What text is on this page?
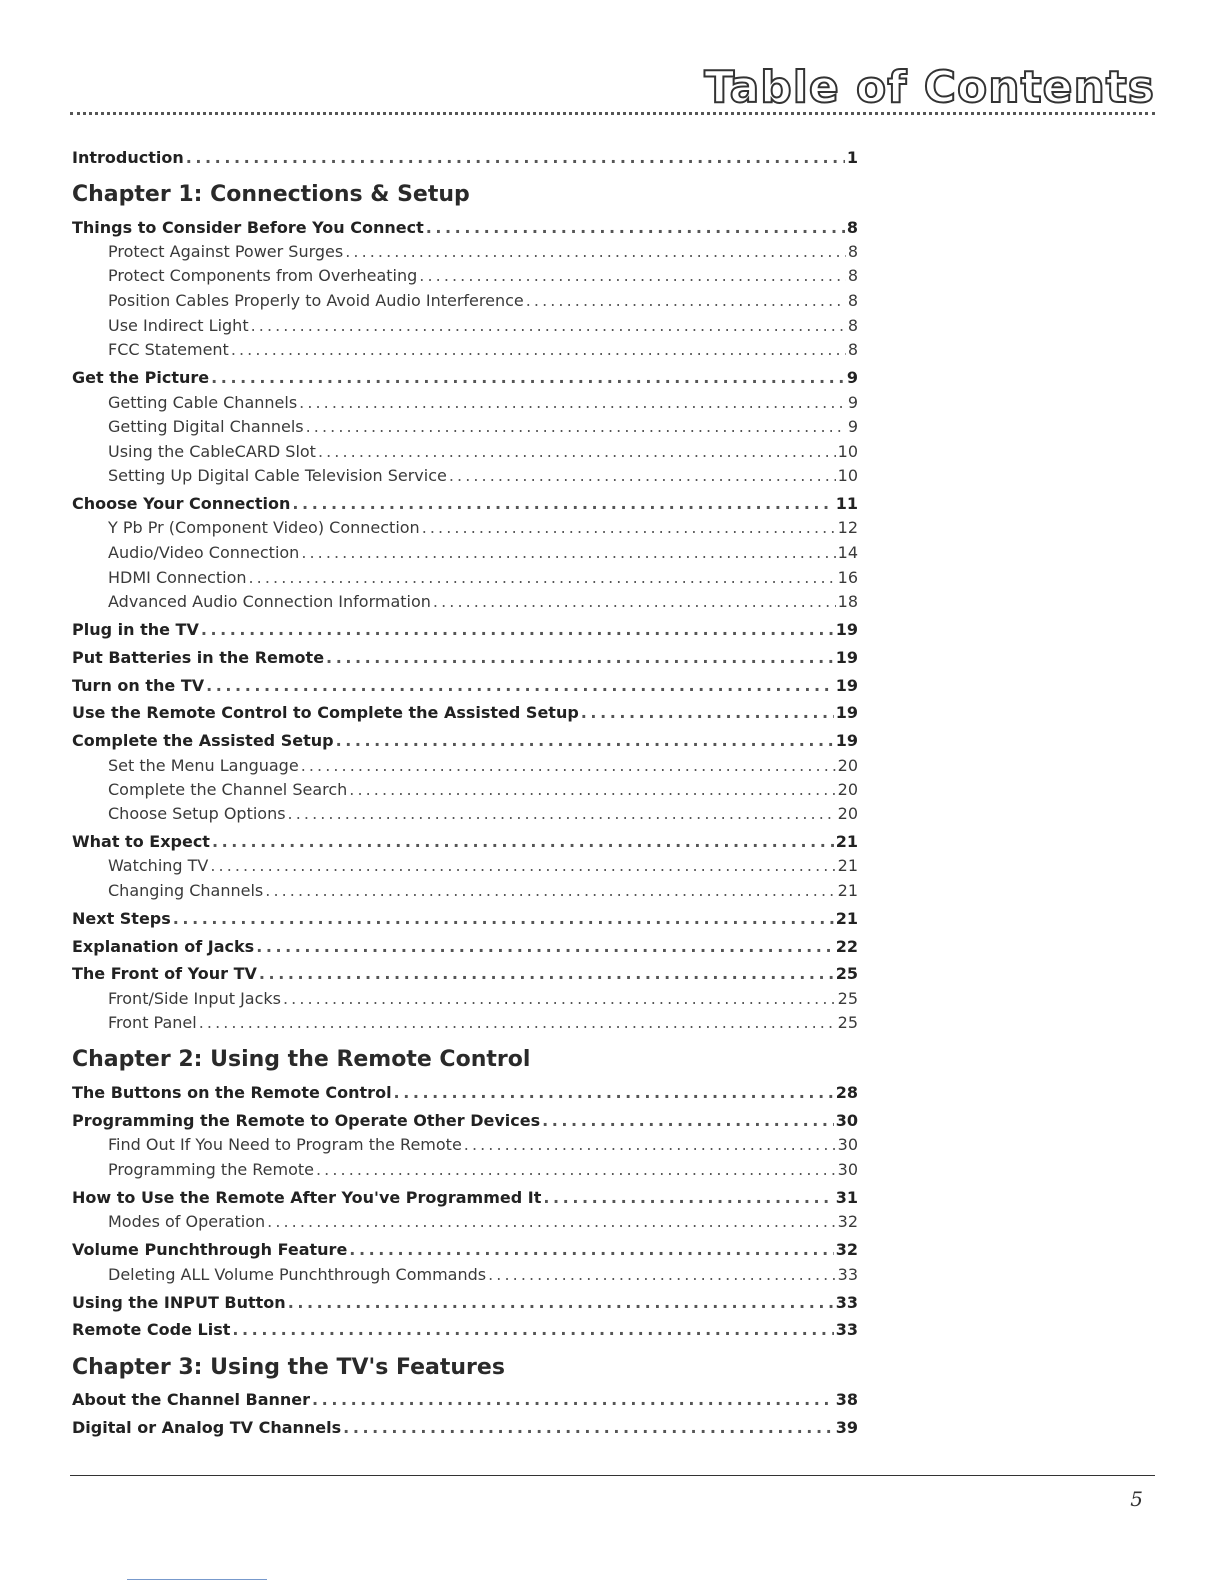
Table of Contents
Introduction . . .	1
Chapter 1: Connections & Setup
Things to Consider Before You Connect . . .	8
Protect Against Power Surges . . .	8
Protect Components from Overheating . . .	8
Position Cables Properly to Avoid Audio Interference . . .	8
Use Indirect Light . . .	8
FCC Statement . . .	8
Get the Picture . . .	9
Getting Cable Channels . . .	9
Getting Digital Channels . . .	9
Using the CableCARD Slot . . .	10
Setting Up Digital Cable Television Service . . .	10
Choose Your Connection . . .	11
Y Pb Pr (Component Video) Connection . . .	12
Audio/Video Connection . . .	14
HDMI Connection . . .	16
Advanced Audio Connection Information . . .	18
Plug in the TV . . .	19
Put Batteries in the Remote . . .	19
Turn on the TV . . .	19
Use the Remote Control to Complete the Assisted Setup . . .	19
Complete the Assisted Setup . . .	19
Set the Menu Language . . .	20
Complete the Channel Search . . .	20
Choose Setup Options . . .	20
What to Expect . . .	21
Watching TV . . .	21
Changing Channels . . .	21
Next Steps . . .	21
Explanation of Jacks . . .	22
The Front of Your TV . . .	25
Front/Side Input Jacks . . .	25
Front Panel . . .	25
Chapter 2: Using the Remote Control
The Buttons on the Remote Control . . .	28
Programming the Remote to Operate Other Devices . . .	30
Find Out If You Need to Program the Remote . . .	30
Programming the Remote . . .	30
How to Use the Remote After You've Programmed It . . .	31
Modes of Operation . . .	32
Volume Punchthrough Feature . . .	32
Deleting ALL Volume Punchthrough Commands . . .	33
Using the INPUT Button . . .	33
Remote Code List . . .	33
Chapter 3: Using the TV's Features
About the Channel Banner . . .	38
Digital or Analog TV Channels . . .	39
5
